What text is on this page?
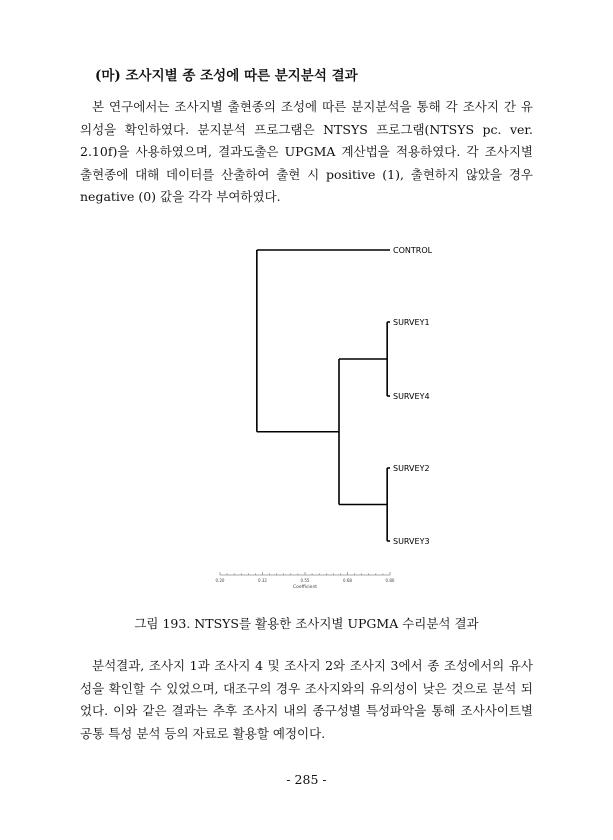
(마) 조사지별 종 조성에 따른 분지분석 결과

본 연구에서는 조사지별 출현종의 조성에 따른 분지분석을 통해 각 조사지 간 유의성을 확인하였다. 분지분석 프로그램은 NTSYS 프로그램(NTSYS pc. ver. 2.10f)을 사용하였으며, 결과도출은 UPGMA 계산법을 적용하였다. 각 조사지별 출현종에 대해 데이터를 산출하여 출현 시 positive (1), 출현하지 않았을 경우 negative (0) 값을 각각 부여하였다.

CONTROL
SURVEY1
SURVEY4
SURVEY2
SURVEY3
0.20	0.32	0.55	0.68	0.80
Coefficient

그림 193. NTSYS를 활용한 조사지별 UPGMA 수리분석 결과

분석결과, 조사지 1과 조사지 4 및 조사지 2와 조사지 3에서 종 조성에서의 유사성을 확인할 수 있었으며, 대조구의 경우 조사지와의 유의성이 낮은 것으로 분석 되었다. 이와 같은 결과는 추후 조사지 내의 종구성별 특성파악을 통해 조사사이트별 공통 특성 분석 등의 자료로 활용할 예정이다.

- 285 -
